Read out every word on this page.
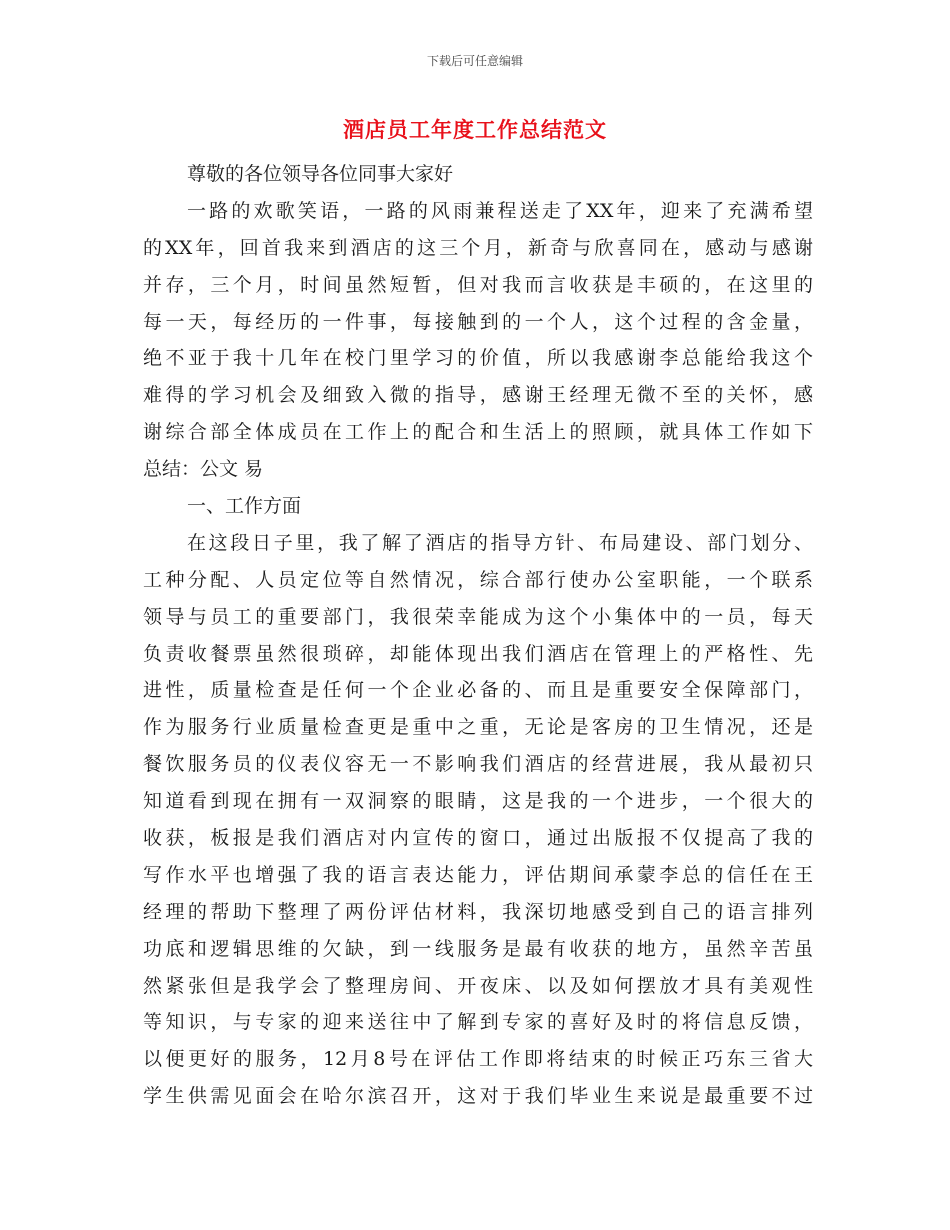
下载后可任意编辑
酒店员工年度工作总结范文
尊敬的各位领导各位同事大家好
一路的欢歌笑语，一路的风雨兼程送走了XX年，迎来了充满希望
的XX年，回首我来到酒店的这三个月，新奇与欣喜同在，感动与感谢
并存，三个月，时间虽然短暂，但对我而言收获是丰硕的，在这里的
每一天，每经历的一件事，每接触到的一个人，这个过程的含金量，
绝不亚于我十几年在校门里学习的价值，所以我感谢李总能给我这个
难得的学习机会及细致入微的指导，感谢王经理无微不至的关怀，感
谢综合部全体成员在工作上的配合和生活上的照顾，就具体工作如下
总结：公文 易
一、工作方面
在这段日子里，我了解了酒店的指导方针、布局建设、部门划分、
工种分配、人员定位等自然情况，综合部行使办公室职能，一个联系
领导与员工的重要部门，我很荣幸能成为这个小集体中的一员，每天
负责收餐票虽然很琐碎，却能体现出我们酒店在管理上的严格性、先
进性，质量检查是任何一个企业必备的、而且是重要安全保障部门，
作为服务行业质量检查更是重中之重，无论是客房的卫生情况，还是
餐饮服务员的仪表仪容无一不影响我们酒店的经营进展，我从最初只
知道看到现在拥有一双洞察的眼睛，这是我的一个进步，一个很大的
收获，板报是我们酒店对内宣传的窗口，通过出版报不仅提高了我的
写作水平也增强了我的语言表达能力，评估期间承蒙李总的信任在王
经理的帮助下整理了两份评估材料，我深切地感受到自己的语言排列
功底和逻辑思维的欠缺，到一线服务是最有收获的地方，虽然辛苦虽
然紧张但是我学会了整理房间、开夜床、以及如何摆放才具有美观性
等知识，与专家的迎来送往中了解到专家的喜好及时的将信息反馈，
以便更好的服务，12月8号在评估工作即将结束的时候正巧东三省大
学生供需见面会在哈尔滨召开，这对于我们毕业生来说是最重要不过
